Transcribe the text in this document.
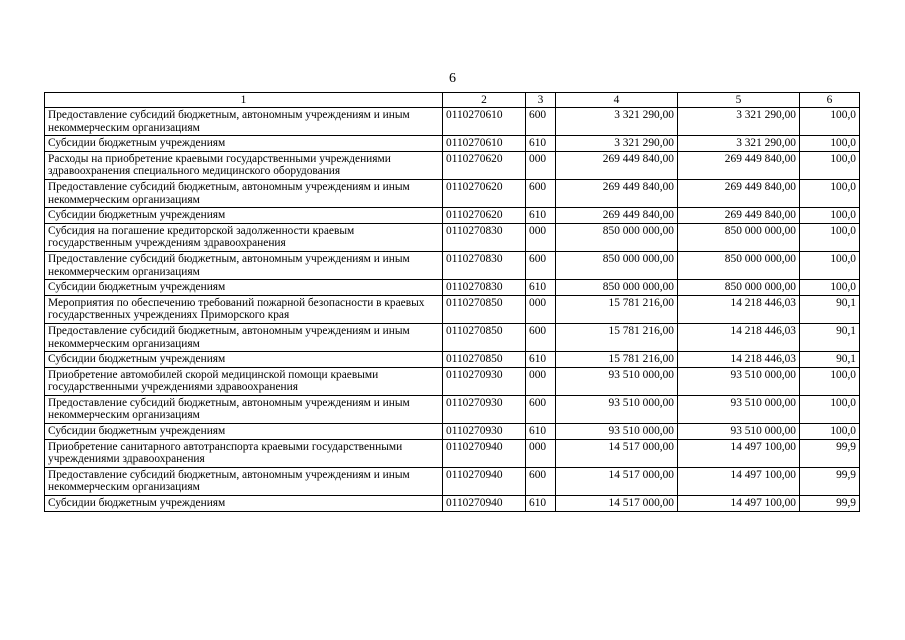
6
1	2	3	4	5	6
Предоставление субсидий бюджетным, автономным учреждениям и иным некоммерческим организациям	0110270610	600	3 321 290,00	3 321 290,00	100,0
Субсидии бюджетным учреждениям	0110270610	610	3 321 290,00	3 321 290,00	100,0
Расходы на приобретение краевыми государственными учреждениями здравоохранения специального медицинского оборудования	0110270620	000	269 449 840,00	269 449 840,00	100,0
Предоставление субсидий бюджетным, автономным учреждениям и иным некоммерческим организациям	0110270620	600	269 449 840,00	269 449 840,00	100,0
Субсидии бюджетным учреждениям	0110270620	610	269 449 840,00	269 449 840,00	100,0
Субсидия на погашение кредиторской задолженности краевым государственным учреждениям здравоохранения	0110270830	000	850 000 000,00	850 000 000,00	100,0
Предоставление субсидий бюджетным, автономным учреждениям и иным некоммерческим организациям	0110270830	600	850 000 000,00	850 000 000,00	100,0
Субсидии бюджетным учреждениям	0110270830	610	850 000 000,00	850 000 000,00	100,0
Мероприятия по обеспечению требований пожарной безопасности в краевых государственных учреждениях Приморского края	0110270850	000	15 781 216,00	14 218 446,03	90,1
Предоставление субсидий бюджетным, автономным учреждениям и иным некоммерческим организациям	0110270850	600	15 781 216,00	14 218 446,03	90,1
Субсидии бюджетным учреждениям	0110270850	610	15 781 216,00	14 218 446,03	90,1
Приобретение автомобилей скорой медицинской помощи краевыми государственными учреждениями здравоохранения	0110270930	000	93 510 000,00	93 510 000,00	100,0
Предоставление субсидий бюджетным, автономным учреждениям и иным некоммерческим организациям	0110270930	600	93 510 000,00	93 510 000,00	100,0
Субсидии бюджетным учреждениям	0110270930	610	93 510 000,00	93 510 000,00	100,0
Приобретение санитарного автотранспорта краевыми государственными учреждениями здравоохранения	0110270940	000	14 517 000,00	14 497 100,00	99,9
Предоставление субсидий бюджетным, автономным учреждениям и иным некоммерческим организациям	0110270940	600	14 517 000,00	14 497 100,00	99,9
Субсидии бюджетным учреждениям	0110270940	610	14 517 000,00	14 497 100,00	99,9
